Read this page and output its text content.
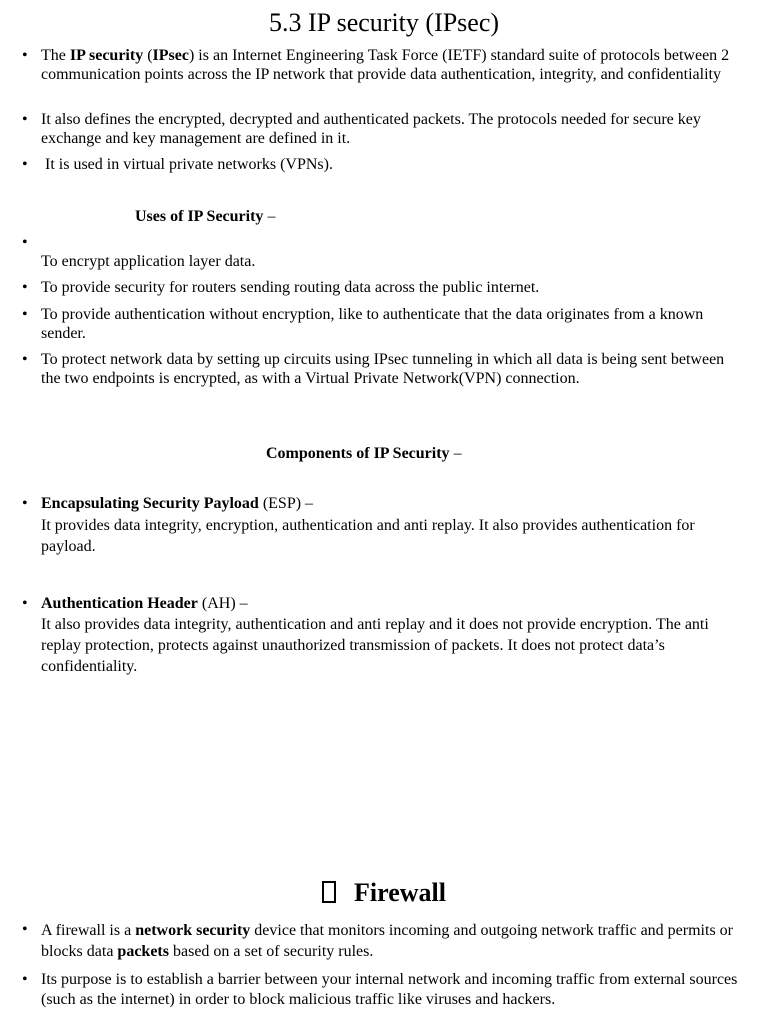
5.3 IP security (IPsec)
• The IP security (IPsec) is an Internet Engineering Task Force (IETF) standard suite of protocols between 2 communication points across the IP network that provide data authentication, integrity, and confidentiality
• It also defines the encrypted, decrypted and authenticated packets. The protocols needed for secure key exchange and key management are defined in it.
• It is used in virtual private networks (VPNs).
Uses of IP Security –
•
To encrypt application layer data.
• To provide security for routers sending routing data across the public internet.
• To provide authentication without encryption, like to authenticate that the data originates from a known sender.
• To protect network data by setting up circuits using IPsec tunneling in which all data is being sent between the two endpoints is encrypted, as with a Virtual Private Network(VPN) connection.
Components of IP Security –
• Encapsulating Security Payload (ESP) –
It provides data integrity, encryption, authentication and anti replay. It also provides authentication for payload.
• Authentication Header (AH) –
It also provides data integrity, authentication and anti replay and it does not provide encryption. The anti replay protection, protects against unauthorized transmission of packets. It does not protect data’s confidentiality.
Firewall
• A firewall is a network security device that monitors incoming and outgoing network traffic and permits or blocks data packets based on a set of security rules.
• Its purpose is to establish a barrier between your internal network and incoming traffic from external sources (such as the internet) in order to block malicious traffic like viruses and hackers.
